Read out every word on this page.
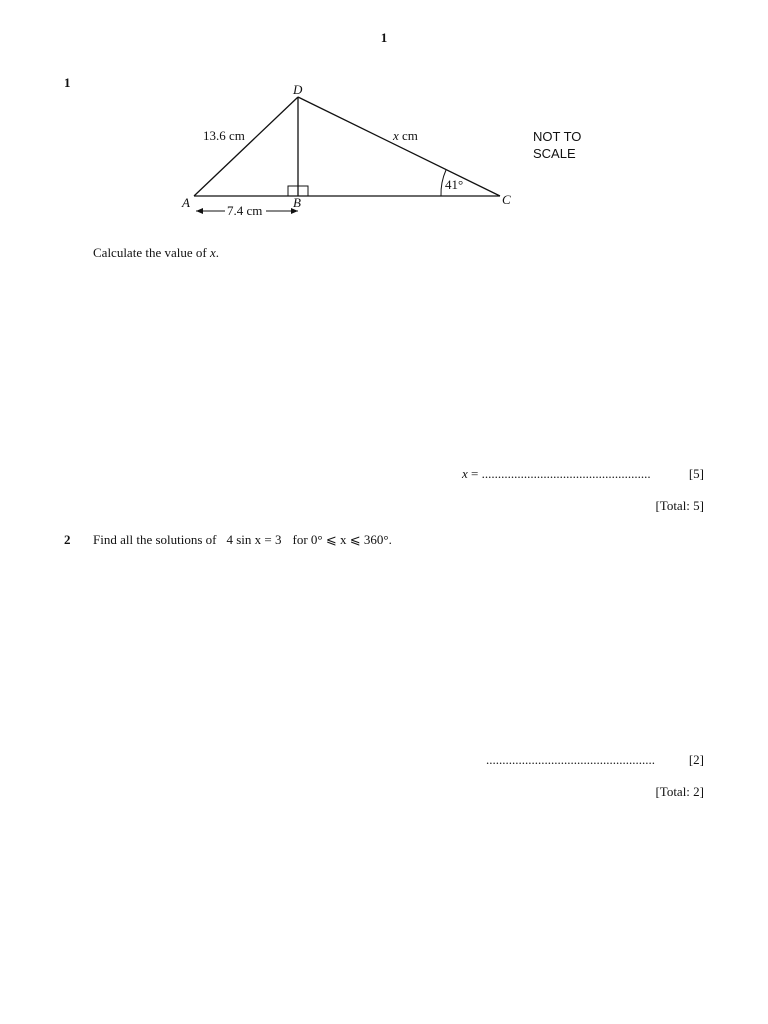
1
1	D
A	B	C
13.6 cm	x cm
41°
7.4 cm
NOT TO
SCALE
Calculate the value of x.
x = ....................................................	[5]
[Total: 5]
2 Find all the solutions of 4 sin x = 3 for 0° ⩽ x ⩽ 360°.
....................................................	[2]
[Total: 2]
